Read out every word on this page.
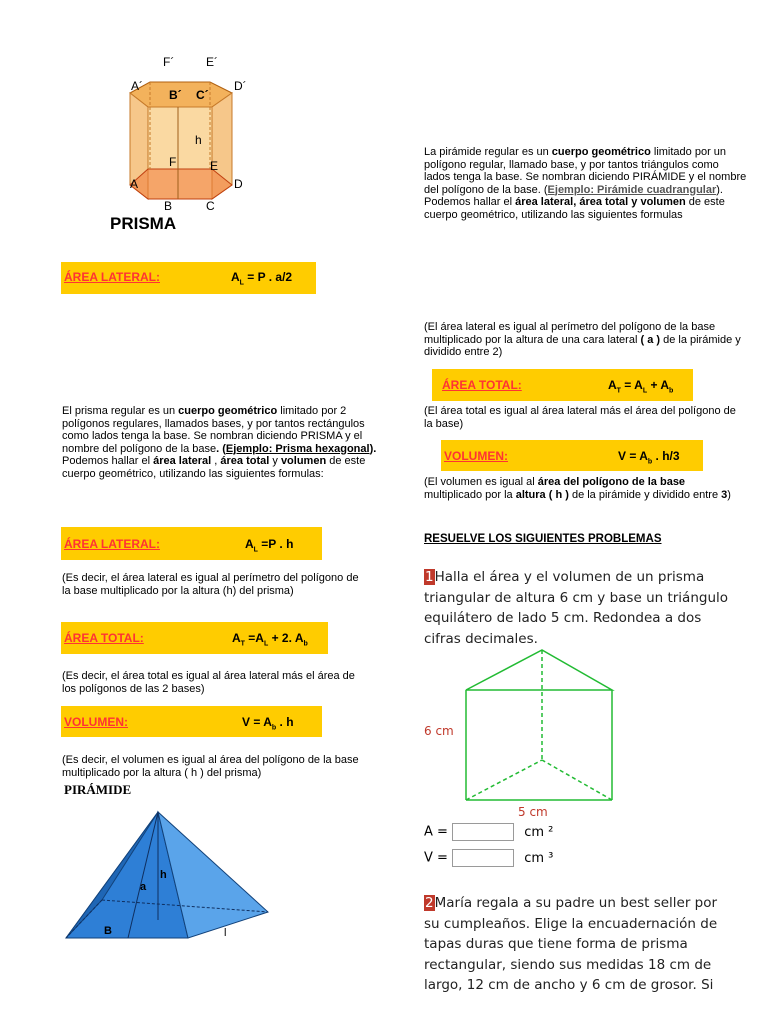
A´
F´	E´
D´
B´ C´
h
F	E
A	D
B	C
PRISMA
ÁREA LATERAL:	$A_L = P$ . a/2
El prisma regular es un cuerpo geométrico limitado por 2 polígonos regulares, llamados bases, y por tantos rectángulos como lados tenga la base. Se nombran diciendo PRISMA y el nombre del polígono de la base. (Ejemplo: Prisma hexagonal). Podemos hallar el área lateral , área total y volumen de este cuerpo geométrico, utilizando las siguientes formulas:
ÁREA LATERAL:	$A_L =P$ . h
(Es decir, el área lateral es igual al perímetro del polígono de la base multiplicado por la altura (h) del prisma)
ÁREA TOTAL:	$A_T =A_L + 2$. $A_b$
(Es decir, el área total es igual al área lateral más el área de los polígonos de las 2 bases)
VOLUMEN:	$V = A_b$ . h
(Es decir, el volumen es igual al área del polígono de la base multiplicado por la altura ( h ) del prisma)
PIRÁMIDE
h
a
B	l
La pirámide regular es un cuerpo geométrico limitado por un polígono regular, llamado base, y por tantos triángulos como lados tenga la base. Se nombran diciendo PIRÁMIDE y el nombre del polígono de la base. (Ejemplo: Pirámide cuadrangular).
Podemos hallar el área lateral, área total y volumen de este cuerpo geométrico, utilizando las siguientes formulas
(El área lateral es igual al perímetro del polígono de la base multiplicado por la altura de una cara lateral ( a ) de la pirámide y dividido entre 2)
ÁREA TOTAL:	$A_T = A_L + A_b$
(El área total es igual al área lateral más el área del polígono de la base)
VOLUMEN:	$V = A_b$ . h/3
(El volumen es igual al área del polígono de la base multiplicado por la altura ( h ) de la pirámide y dividido entre 3)
RESUELVE LOS SIGUIENTES PROBLEMAS
1Halla el área y el volumen de un prisma triangular de altura 6 cm y base un triángulo equilátero de lado 5 cm. Redondea a dos cifras decimales.
6 cm
5 cm
A =	cm ²
V =	cm ³
2María regala a su padre un best seller por su cumpleaños. Elige la encuadernación de tapas duras que tiene forma de prisma rectangular, siendo sus medidas 18 cm de largo, 12 cm de ancho y 6 cm de grosor. Si
